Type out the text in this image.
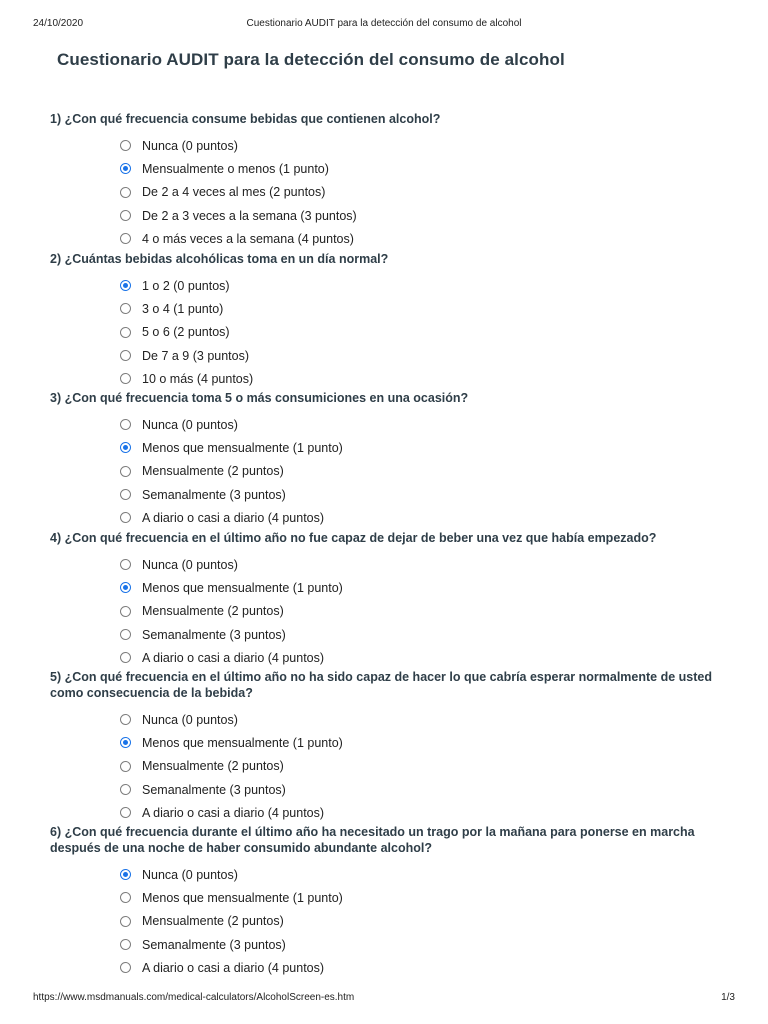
24/10/2020	Cuestionario AUDIT para la detección del consumo de alcohol
Cuestionario AUDIT para la detección del consumo de alcohol

1) ¿Con qué frecuencia consume bebidas que contienen alcohol?

Nunca (0 puntos)
Mensualmente o menos (1 punto)
De 2 a 4 veces al mes (2 puntos)
De 2 a 3 veces a la semana (3 puntos)
4 o más veces a la semana (4 puntos)

2) ¿Cuántas bebidas alcohólicas toma en un día normal?

1 o 2 (0 puntos)
3 o 4 (1 punto)
5 o 6 (2 puntos)
De 7 a 9 (3 puntos)
10 o más (4 puntos)

3) ¿Con qué frecuencia toma 5 o más consumiciones en una ocasión?

Nunca (0 puntos)
Menos que mensualmente (1 punto)
Mensualmente (2 puntos)
Semanalmente (3 puntos)
A diario o casi a diario (4 puntos)

4) ¿Con qué frecuencia en el último año no fue capaz de dejar de beber una vez que había empezado?

Nunca (0 puntos)
Menos que mensualmente (1 punto)
Mensualmente (2 puntos)
Semanalmente (3 puntos)
A diario o casi a diario (4 puntos)

5) ¿Con qué frecuencia en el último año no ha sido capaz de hacer lo que cabría esperar normalmente de usted como consecuencia de la bebida?

Nunca (0 puntos)
Menos que mensualmente (1 punto)
Mensualmente (2 puntos)
Semanalmente (3 puntos)
A diario o casi a diario (4 puntos)

6) ¿Con qué frecuencia durante el último año ha necesitado un trago por la mañana para ponerse en marcha después de una noche de haber consumido abundante alcohol?

Nunca (0 puntos)
Menos que mensualmente (1 punto)
Mensualmente (2 puntos)
Semanalmente (3 puntos)
A diario o casi a diario (4 puntos)
https://www.msdmanuals.com/medical-calculators/AlcoholScreen-es.htm	1/3
